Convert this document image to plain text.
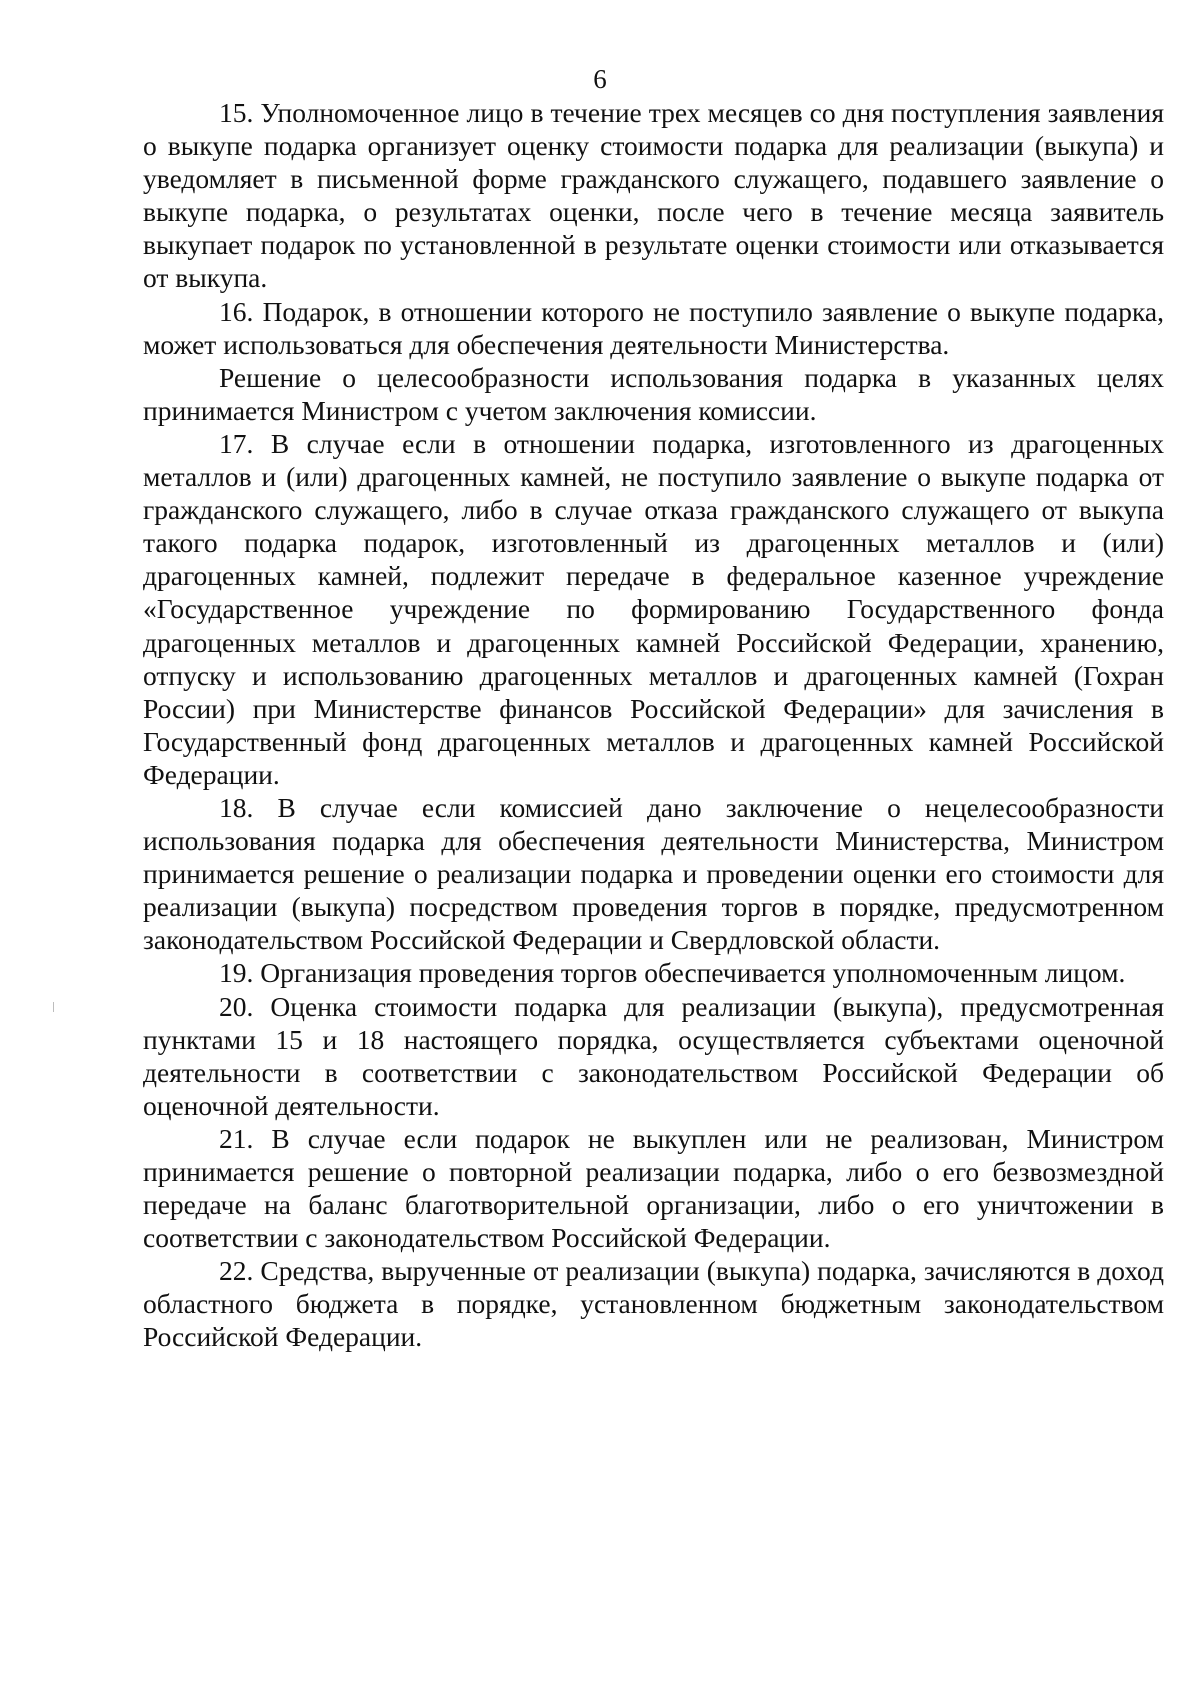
6

15. Уполномоченное лицо в течение трех месяцев со дня поступления заявления о выкупе подарка организует оценку стоимости подарка для реализации (выкупа) и уведомляет в письменной форме гражданского служащего, подавшего заявление о выкупе подарка, о результатах оценки, после чего в течение месяца заявитель выкупает подарок по установленной в результате оценки стоимости или отказывается от выкупа.

16. Подарок, в отношении которого не поступило заявление о выкупе подарка, может использоваться для обеспечения деятельности Министерства.

Решение о целесообразности использования подарка в указанных целях принимается Министром с учетом заключения комиссии.

17. В случае если в отношении подарка, изготовленного из драгоценных металлов и (или) драгоценных камней, не поступило заявление о выкупе подарка от гражданского служащего, либо в случае отказа гражданского служащего от выкупа такого подарка подарок, изготовленный из драгоценных металлов и (или) драгоценных камней, подлежит передаче в федеральное казенное учреждение «Государственное учреждение по формированию Государственного фонда драгоценных металлов и драгоценных камней Российской Федерации, хранению, отпуску и использованию драгоценных металлов и драгоценных камней (Гохран России) при Министерстве финансов Российской Федерации» для зачисления в Государственный фонд драгоценных металлов и драгоценных камней Российской Федерации.

18. В случае если комиссией дано заключение о нецелесообразности использования подарка для обеспечения деятельности Министерства, Министром принимается решение о реализации подарка и проведении оценки его стоимости для реализации (выкупа) посредством проведения торгов в порядке, предусмотренном законодательством Российской Федерации и Свердловской области.

19. Организация проведения торгов обеспечивается уполномоченным лицом.

20. Оценка стоимости подарка для реализации (выкупа), предусмотренная пунктами 15 и 18 настоящего порядка, осуществляется субъектами оценочной деятельности в соответствии с законодательством Российской Федерации об оценочной деятельности.

21. В случае если подарок не выкуплен или не реализован, Министром принимается решение о повторной реализации подарка, либо о его безвозмездной передаче на баланс благотворительной организации, либо о его уничтожении в соответствии с законодательством Российской Федерации.

22. Средства, вырученные от реализации (выкупа) подарка, зачисляются в доход областного бюджета в порядке, установленном бюджетным законодательством Российской Федерации.
